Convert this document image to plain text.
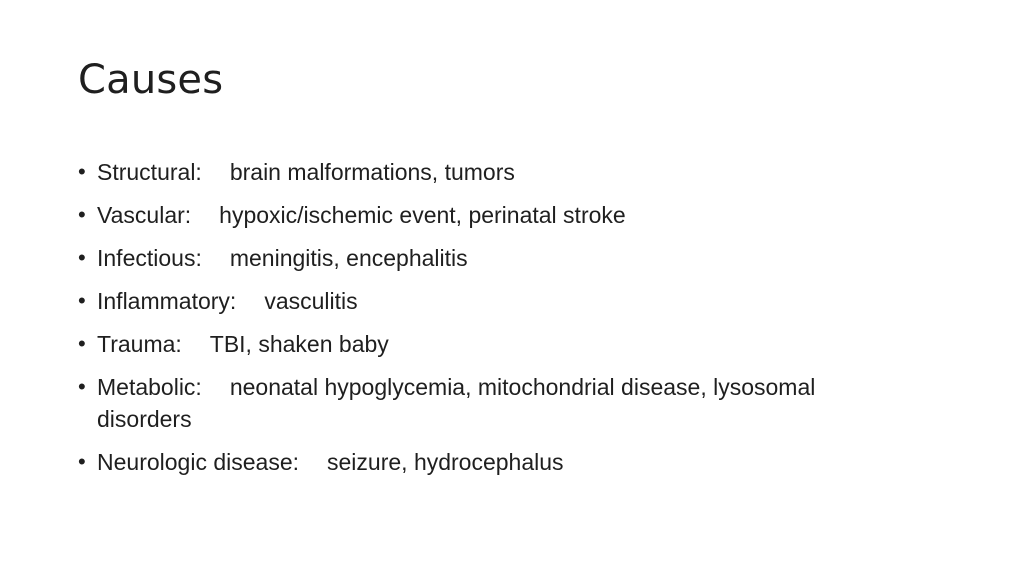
Causes
• Structural: brain malformations, tumors
• Vascular: hypoxic/ischemic event, perinatal stroke
• Infectious: meningitis, encephalitis
• Inflammatory: vasculitis
• Trauma: TBI, shaken baby
• Metabolic: neonatal hypoglycemia, mitochondrial disease, lysosomal disorders
• Neurologic disease: seizure, hydrocephalus
